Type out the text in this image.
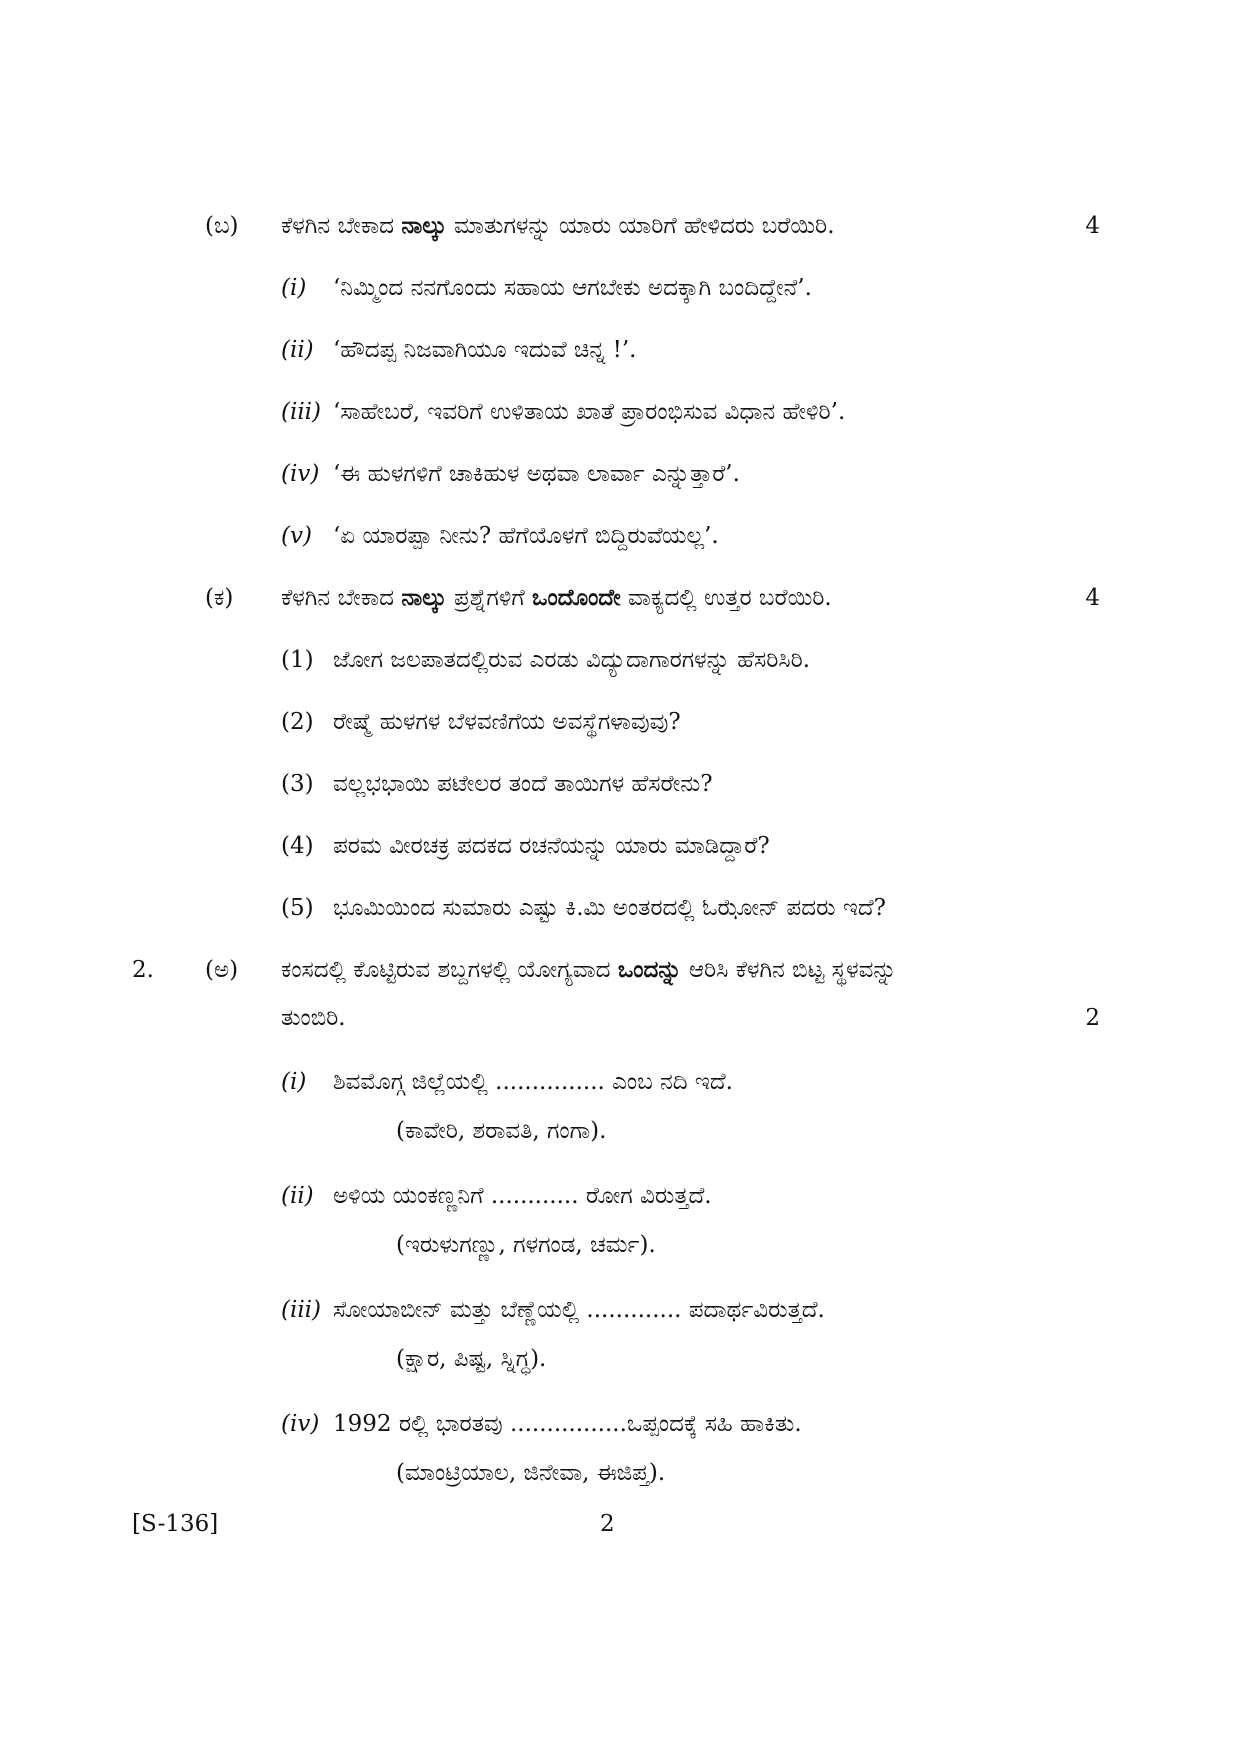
(ಬ) ಕೆಳಗಿನ ಬೇಕಾದ ನಾಲ್ಕು ಮಾತುಗಳನ್ನು ಯಾರು ಯಾರಿಗೆ ಹೇಳಿದರು ಬರೆಯಿರಿ.	4
(i) ‘ನಿಮ್ಮಿಂದ ನನಗೊಂದು ಸಹಾಯ ಆಗಬೇಕು ಅದಕ್ಕಾಗಿ ಬಂದಿದ್ದೇನೆ’.
(ii) ‘ಹೌದಪ್ಪ ನಿಜವಾಗಿಯೂ ಇದುವೆ ಚಿನ್ನ !’.
(iii) ‘ಸಾಹೇಬರೆ, ಇವರಿಗೆ ಉಳಿತಾಯ ಖಾತೆ ಪ್ರಾರಂಭಿಸುವ ವಿಧಾನ ಹೇಳಿರಿ’.
(iv) ‘ಈ ಹುಳಗಳಿಗೆ ಚಾಕಿಹುಳ ಅಥವಾ ಲಾರ್ವಾ ಎನ್ನುತ್ತಾರೆ’.
(v) ‘ಏ ಯಾರಪ್ಪಾ ನೀನು? ಹೆಗೆಯೊಳಗೆ ಬಿದ್ದಿರುವೆಯಲ್ಲ’.
(ಕ) ಕೆಳಗಿನ ಬೇಕಾದ ನಾಲ್ಕು ಪ್ರಶ್ನೆಗಳಿಗೆ ಒಂದೊಂದೇ ವಾಕ್ಯದಲ್ಲಿ ಉತ್ತರ ಬರೆಯಿರಿ.	4
(1) ಜೋಗ ಜಲಪಾತದಲ್ಲಿರುವ ಎರಡು ವಿದ್ಯುದಾಗಾರಗಳನ್ನು ಹೆಸರಿಸಿರಿ.
(2) ರೇಷ್ಮೆ ಹುಳಗಳ ಬೆಳವಣಿಗೆಯ ಅವಸ್ಥೆಗಳಾವುವು?
(3) ವಲ್ಲಭಭಾಯಿ ಪಟೇಲರ ತಂದೆ ತಾಯಿಗಳ ಹೆಸರೇನು?
(4) ಪರಮ ವೀರಚಕ್ರ ಪದಕದ ರಚನೆಯನ್ನು ಯಾರು ಮಾಡಿದ್ದಾರೆ?
(5) ಭೂಮಿಯಿಂದ ಸುಮಾರು ಎಷ್ಟು ಕಿ.ಮಿ ಅಂತರದಲ್ಲಿ ಓಝೋನ್ ಪದರು ಇದೆ?
2. (ಅ) ಕಂಸದಲ್ಲಿ ಕೊಟ್ಟಿರುವ ಶಬ್ದಗಳಲ್ಲಿ ಯೋಗ್ಯವಾದ ಒಂದನ್ನು ಆರಿಸಿ ಕೆಳಗಿನ ಬಿಟ್ಟ ಸ್ಥಳವನ್ನು
ತುಂಬಿರಿ.	2
(i) ಶಿವಮೊಗ್ಗ ಜಿಲ್ಲೆಯಲ್ಲಿ ............... ಎಂಬ ನದಿ ಇದೆ.
(ಕಾವೇರಿ, ಶರಾವತಿ, ಗಂಗಾ).
(ii) ಅಳಿಯ ಯಂಕಣ್ಣನಿಗೆ ............ ರೋಗ ವಿರುತ್ತದೆ.
(ಇರುಳುಗಣ್ಣು, ಗಳಗಂಡ, ಚರ್ಮ).
(iii) ಸೋಯಾಬೀನ್ ಮತ್ತು ಬೆಣ್ಣೆಯಲ್ಲಿ ............. ಪದಾರ್ಥವಿರುತ್ತದೆ.
(ಕ್ಷಾರ, ಪಿಷ್ಟ, ಸ್ನಿಗ್ಧ).
(iv) 1992 ರಲ್ಲಿ ಭಾರತವು ................ಒಪ್ಪಂದಕ್ಕೆ ಸಹಿ ಹಾಕಿತು.
(ಮಾಂಟ್ರಿಯಾಲ, ಜಿನೇವಾ, ಈಜಿಪ್ತ).
[S-136]	2
